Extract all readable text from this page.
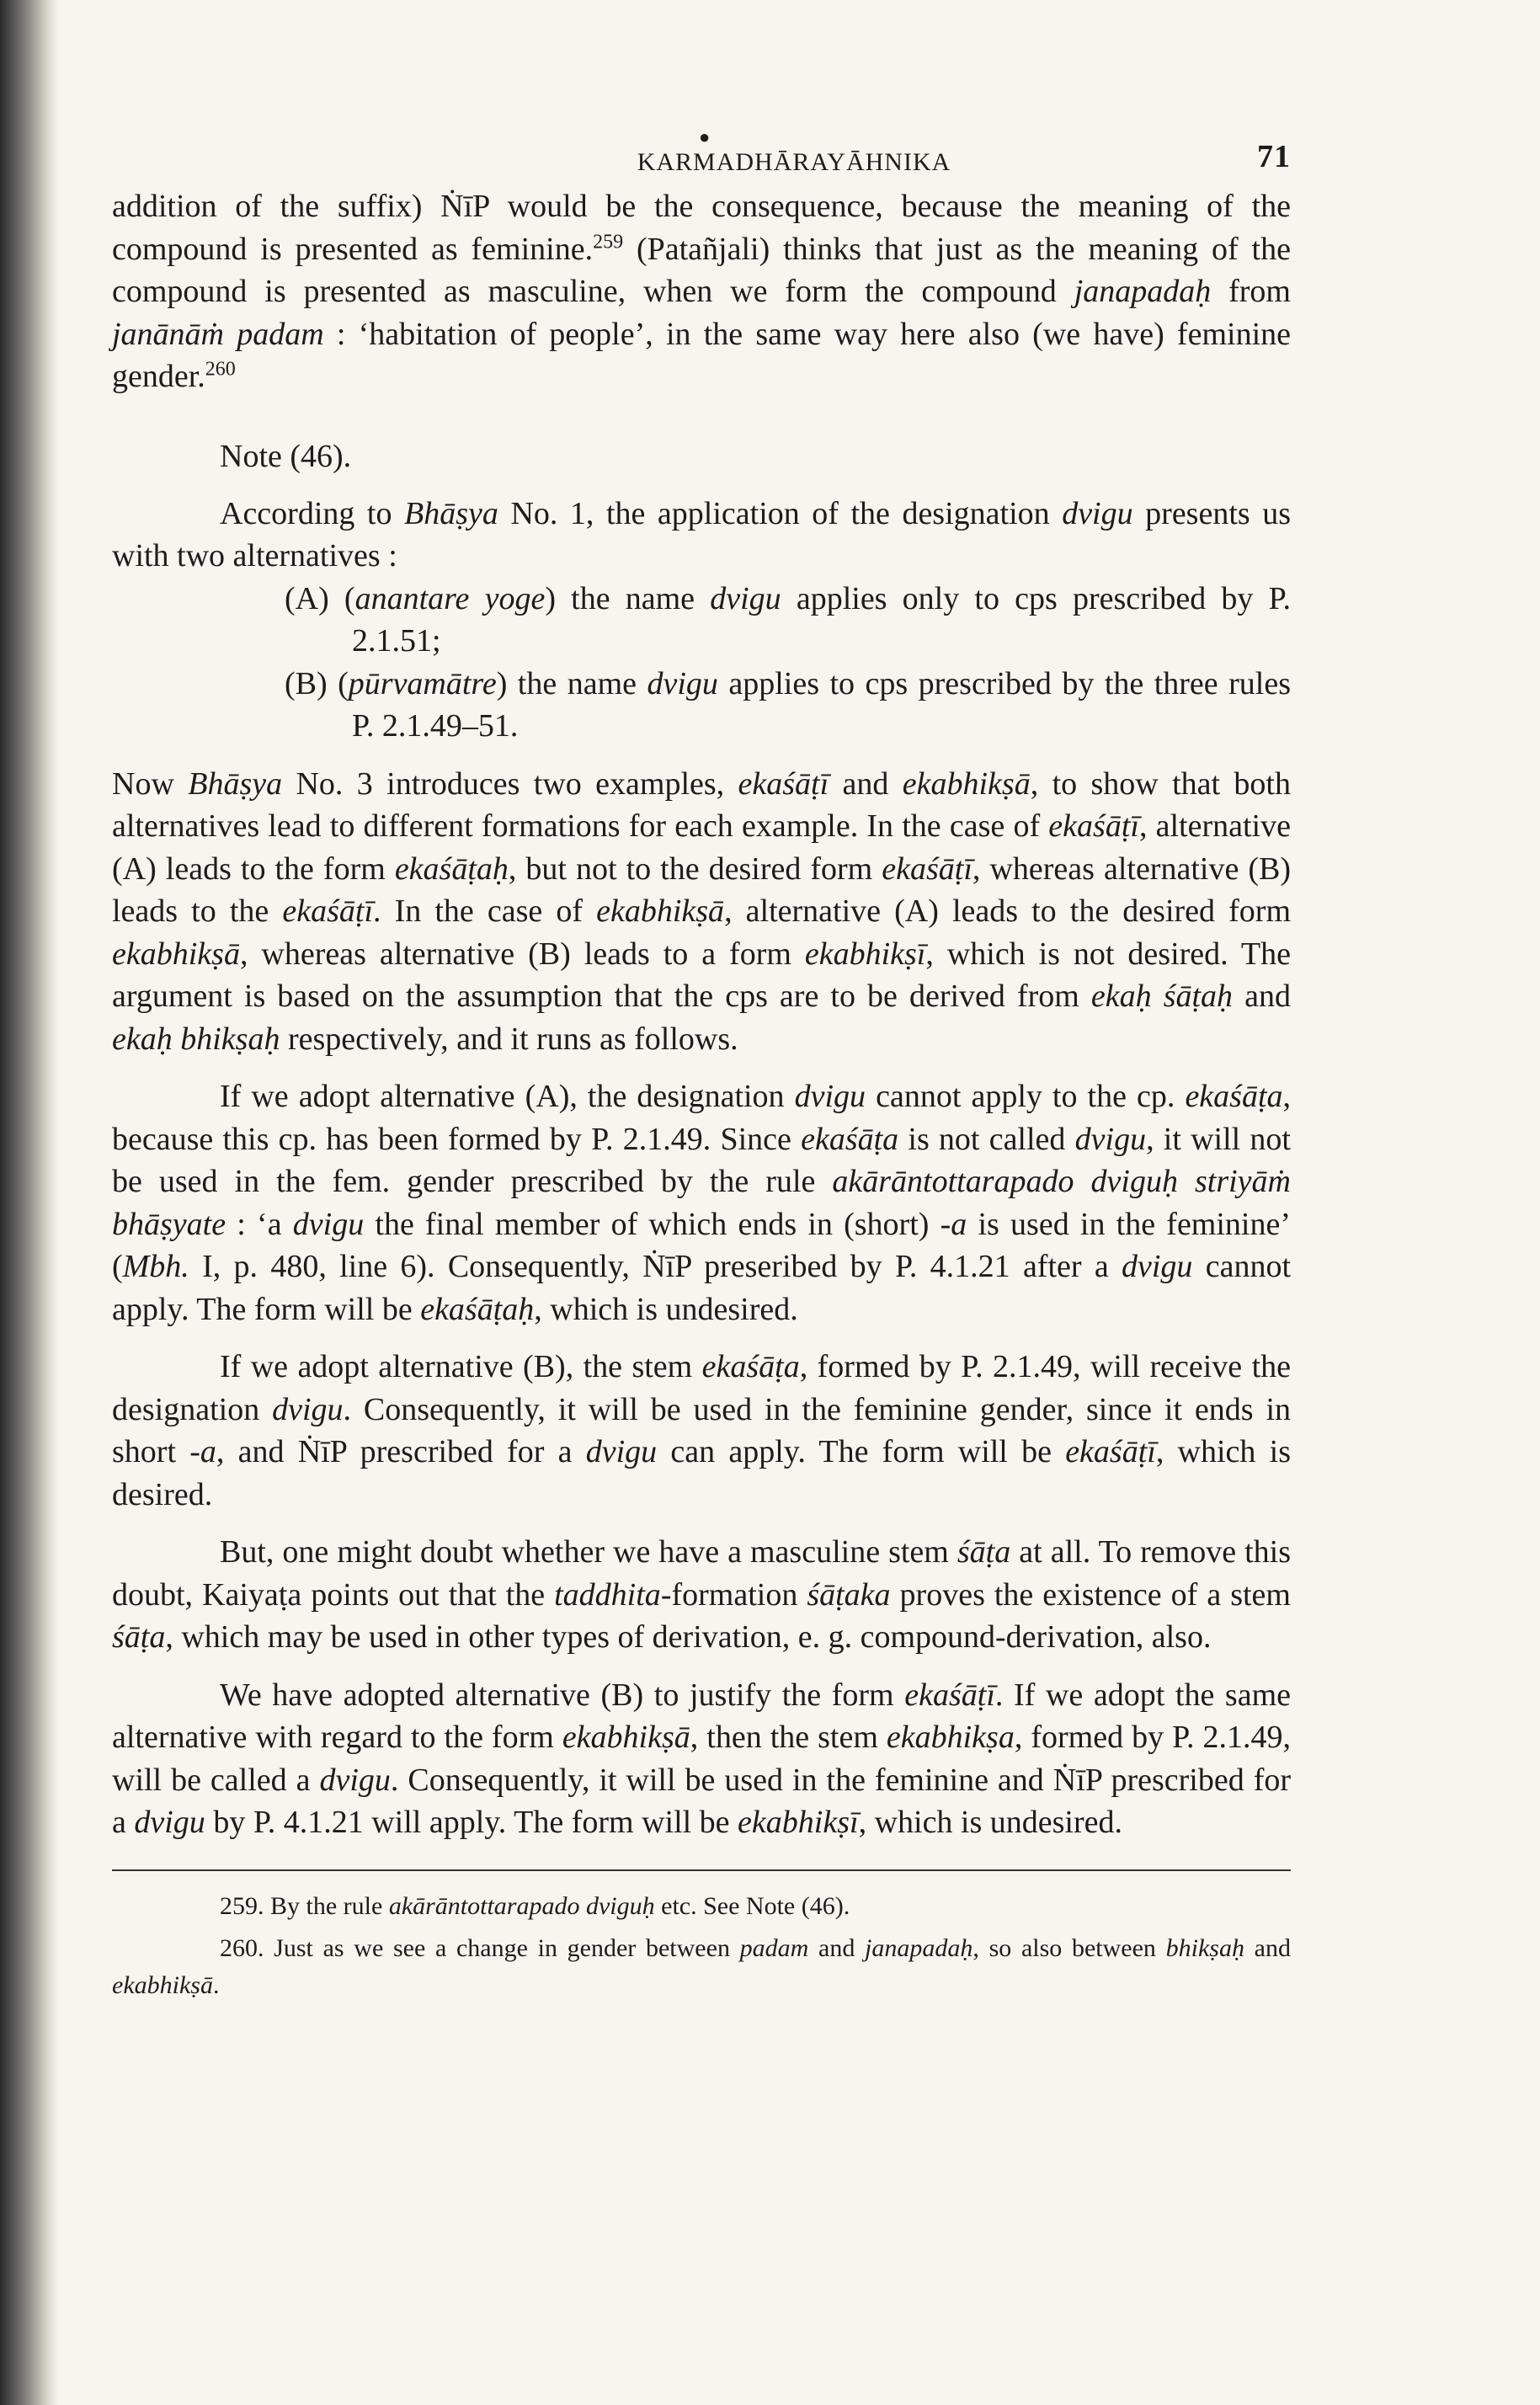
●
KARMADHĀRAYĀHNIKA	71

addition of the suffix) ṄīP would be the consequence, because the meaning of the compound is presented as feminine.$^{259}$ (Patañjali) thinks that just as the meaning of the compound is presented as masculine, when we form the compound janapadaḥ from janānāṁ padam : ‘habitation of people’, in the same way here also (we have) feminine gender.$^{260}$

Note (46).

According to Bhāṣya No. 1, the application of the designation dvigu presents us with two alternatives :

(A) (anantare yoge) the name dvigu applies only to cps prescribed by P. 2.1.51;

(B) (pūrvamātre) the name dvigu applies to cps prescribed by the three rules P. 2.1.49–51.

Now Bhāṣya No. 3 introduces two examples, ekaśāṭī and ekabhikṣā, to show that both alternatives lead to different formations for each example. In the case of ekaśāṭī, alternative (A) leads to the form ekaśāṭaḥ, but not to the desired form ekaśāṭī, whereas alternative (B) leads to the ekaśāṭī. In the case of ekabhikṣā, alternative (A) leads to the desired form ekabhikṣā, whereas alternative (B) leads to a form ekabhikṣī, which is not desired. The argument is based on the assumption that the cps are to be derived from ekaḥ śāṭaḥ and ekaḥ bhikṣaḥ respectively, and it runs as follows.

If we adopt alternative (A), the designation dvigu cannot apply to the cp. ekaśāṭa, because this cp. has been formed by P. 2.1.49. Since ekaśāṭa is not called dvigu, it will not be used in the fem. gender prescribed by the rule akārāntottarapado dviguḥ striyāṁ bhāṣyate : ‘a dvigu the final member of which ends in (short) -a is used in the feminine’ (Mbh. I, p. 480, line 6). Consequently, ṄīP preseribed by P. 4.1.21 after a dvigu cannot apply. The form will be ekaśāṭaḥ, which is undesired.

If we adopt alternative (B), the stem ekaśāṭa, formed by P. 2.1.49, will receive the designation dvigu. Consequently, it will be used in the feminine gender, since it ends in short -a, and ṄīP prescribed for a dvigu can apply. The form will be ekaśāṭī, which is desired.

But, one might doubt whether we have a masculine stem śāṭa at all. To remove this doubt, Kaiyaṭa points out that the taddhita-formation śāṭaka proves the existence of a stem śāṭa, which may be used in other types of derivation, e. g. compound-derivation, also.

We have adopted alternative (B) to justify the form ekaśāṭī. If we adopt the same alternative with regard to the form ekabhikṣā, then the stem ekabhikṣa, formed by P. 2.1.49, will be called a dvigu. Consequently, it will be used in the feminine and ṄīP prescribed for a dvigu by P. 4.1.21 will apply. The form will be ekabhikṣī, which is undesired.

259. By the rule akārāntottarapado dviguḥ etc. See Note (46).

260. Just as we see a change in gender between padam and janapadaḥ, so also between bhikṣaḥ and ekabhikṣā.
